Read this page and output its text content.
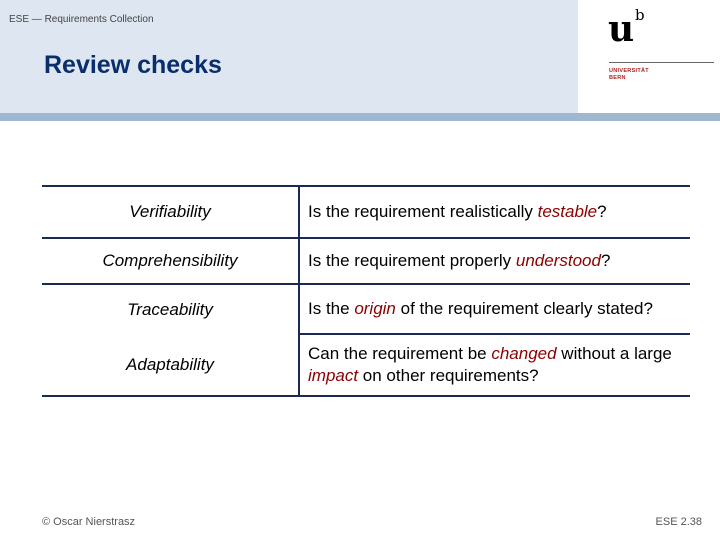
ESE — Requirements Collection
Review checks
u b
UNIVERSITÄT
BERN
Verifiability	Is the requirement realistically testable?
Comprehensibility	Is the requirement properly understood?
Traceability	Is the origin of the requirement clearly stated?
Adaptability	Can the requirement be changed without a large impact on other requirements?
© Oscar Nierstrasz	ESE 2.38
